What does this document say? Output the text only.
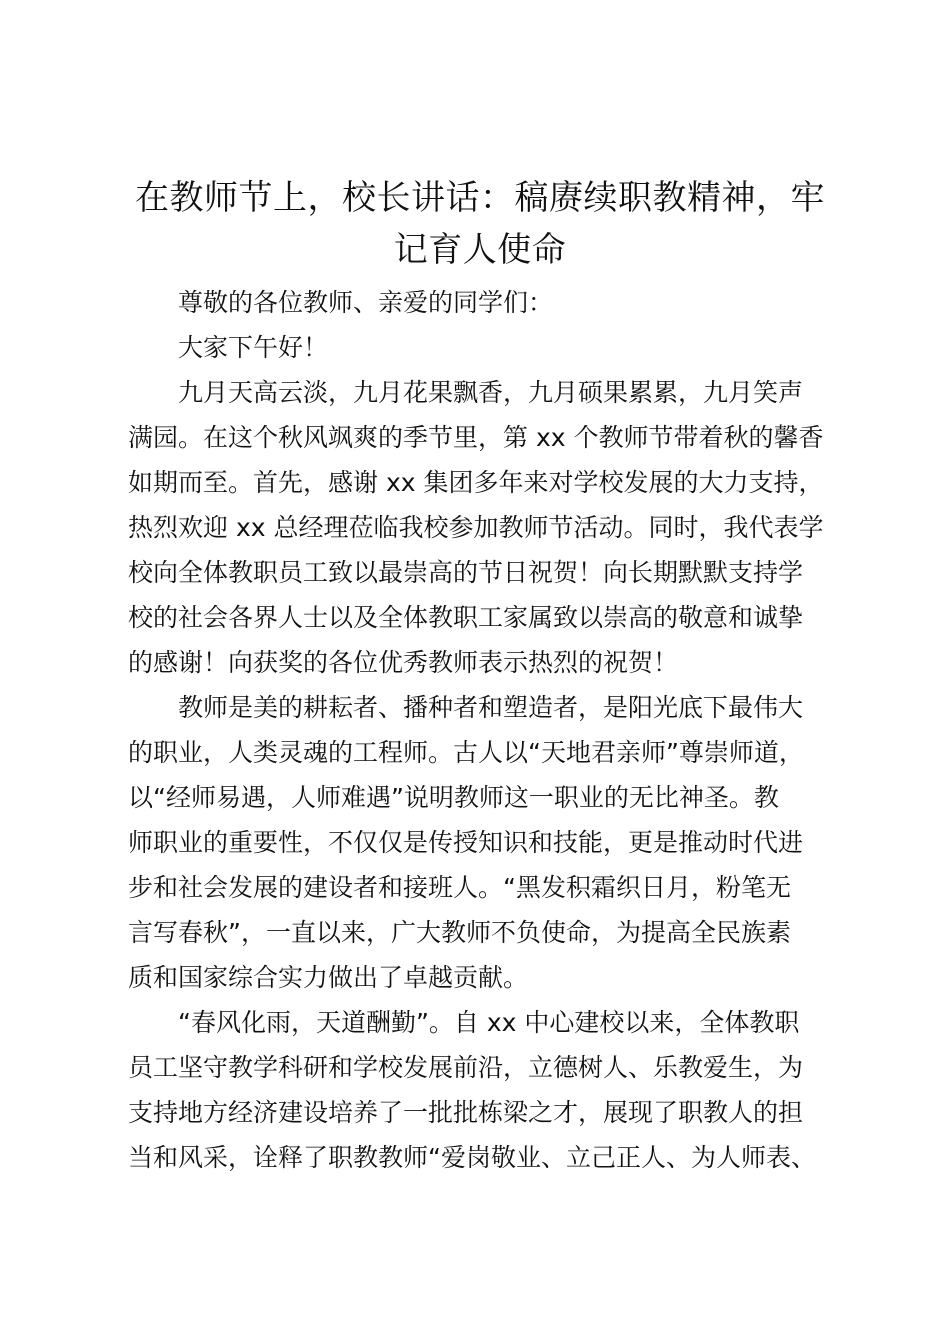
在教师节上，校长讲话：稿赓续职教精神，牢
记育人使命

尊敬的各位教师、亲爱的同学们：

大家下午好！

九月天高云淡，九月花果飘香，九月硕果累累，九月笑声
满园。在这个秋风飒爽的季节里，第 xx 个教师节带着秋的馨香
如期而至。首先，感谢 xx 集团多年来对学校发展的大力支持，
热烈欢迎 xx 总经理莅临我校参加教师节活动。同时，我代表学
校向全体教职员工致以最崇高的节日祝贺！向长期默默支持学
校的社会各界人士以及全体教职工家属致以崇高的敬意和诚挚
的感谢！向获奖的各位优秀教师表示热烈的祝贺！

教师是美的耕耘者、播种者和塑造者，是阳光底下最伟大
的职业，人类灵魂的工程师。古人以“天地君亲师”尊崇师道，
以“经师易遇，人师难遇”说明教师这一职业的无比神圣。教
师职业的重要性，不仅仅是传授知识和技能，更是推动时代进
步和社会发展的建设者和接班人。“黑发积霜织日月，粉笔无
言写春秋”，一直以来，广大教师不负使命，为提高全民族素
质和国家综合实力做出了卓越贡献。

“春风化雨，天道酬勤”。自 xx 中心建校以来，全体教职
员工坚守教学科研和学校发展前沿，立德树人、乐教爱生，为
支持地方经济建设培养了一批批栋梁之才，展现了职教人的担
当和风采，诠释了职教教师“爱岗敬业、立己正人、为人师表、
